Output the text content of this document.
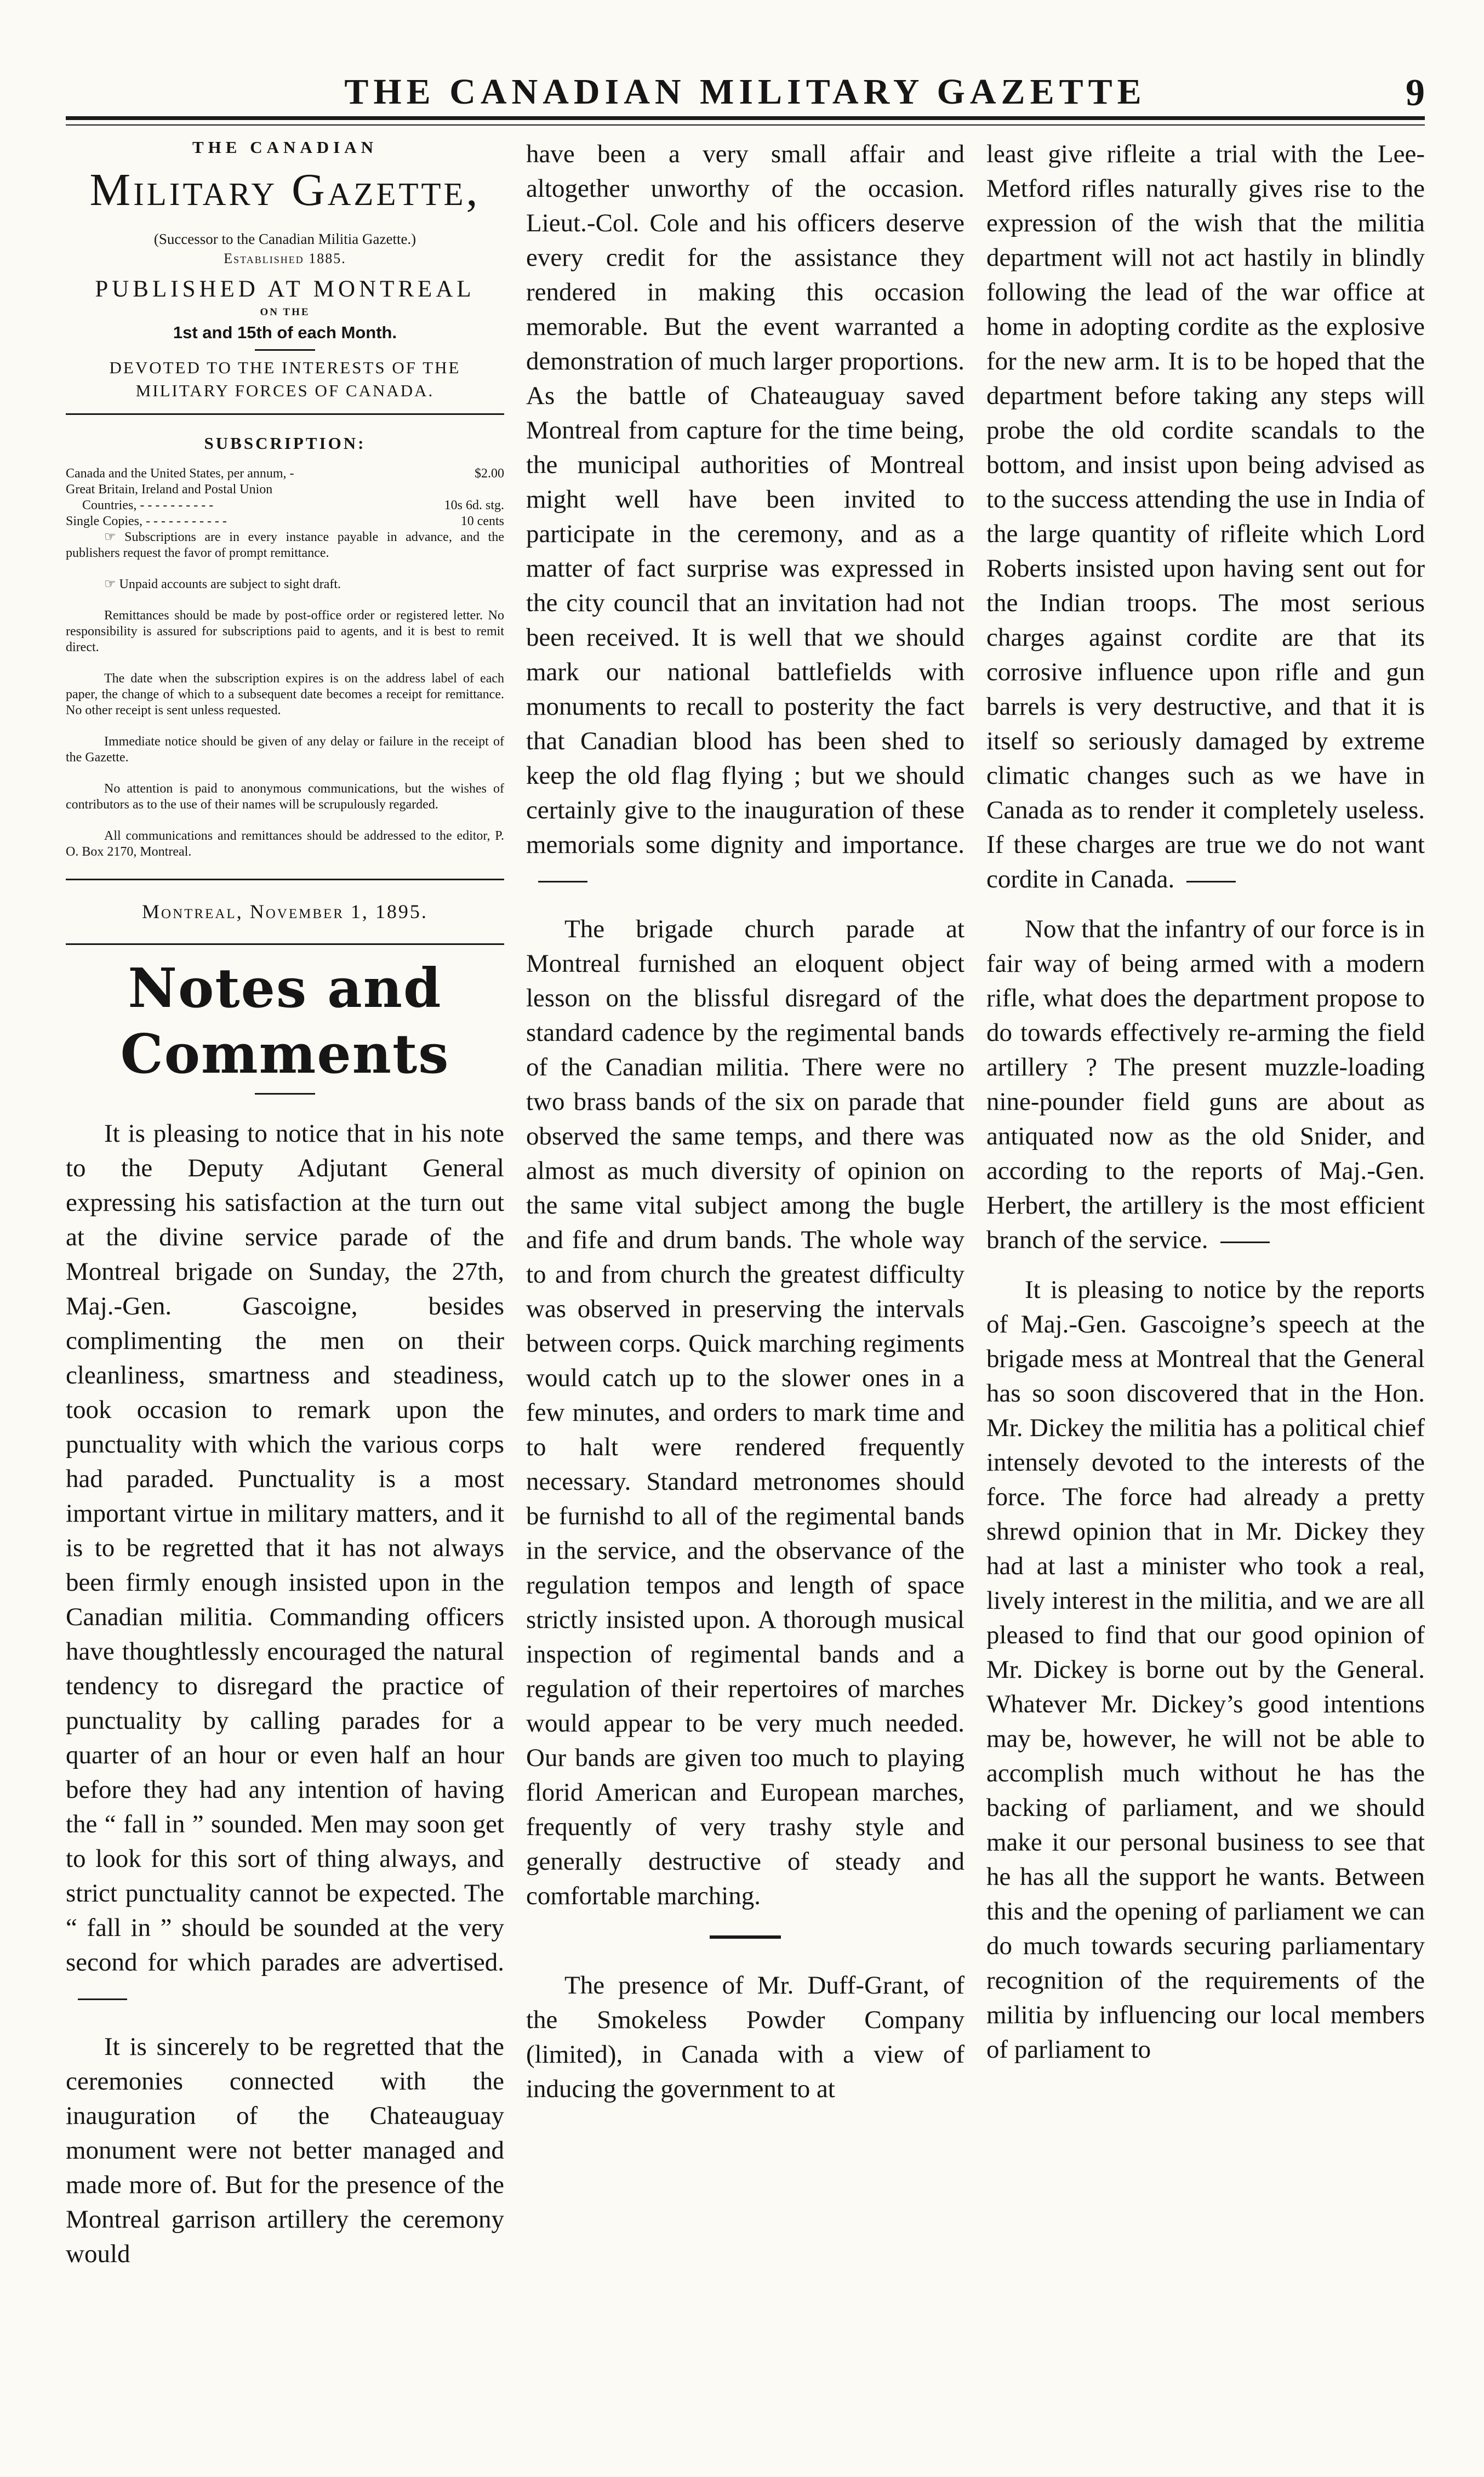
THE CANADIAN MILITARY GAZETTE	9
THE CANADIAN
Military Gazette,
(Successor to the Canadian Militia Gazette.)
Established 1885.
PUBLISHED AT MONTREAL
ON THE
1st and 15th of each Month.
DEVOTED TO THE INTERESTS OF THE MILITARY FORCES OF CANADA.
SUBSCRIPTION:
Canada and the United States, per annum, -	$2.00
Great Britain, Ireland and Postal Union
Countries, - - - - - - - - - -	10s 6d. stg.
Single Copies, - - - - - - - - - - -	10 cents

☞ Subscriptions are in every instance payable in advance, and the publishers request the favor of prompt remittance.

☞ Unpaid accounts are subject to sight draft.

Remittances should be made by post-office order or registered letter. No responsibility is assured for subscriptions paid to agents, and it is best to remit direct.

The date when the subscription expires is on the address label of each paper, the change of which to a subsequent date becomes a receipt for remittance. No other receipt is sent unless requested.

Immediate notice should be given of any delay or failure in the receipt of the Gazette.

No attention is paid to anonymous communications, but the wishes of contributors as to the use of their names will be scrupulously regarded.

All communications and remittances should be addressed to the editor, P. O. Box 2170, Montreal.

Montreal, November 1, 1895.
Notes and Comments

It is pleasing to notice that in his note to the Deputy Adjutant General expressing his satisfaction at the turn out at the divine service parade of the Montreal brigade on Sunday, the 27th, Maj.-Gen. Gascoigne, besides complimenting the men on their cleanliness, smartness and steadiness, took occasion to remark upon the punctuality with which the various corps had paraded. Punctuality is a most important virtue in military matters, and it is to be regretted that it has not always been firmly enough insisted upon in the Canadian militia. Commanding officers have thoughtlessly encouraged the natural tendency to disregard the practice of punctuality by calling parades for a quarter of an hour or even half an hour before they had any intention of having the “ fall in ” sounded. Men may soon get to look for this sort of thing always, and strict punctuality cannot be expected. The “ fall in ” should be sounded at the very second for which parades are advertised.

It is sincerely to be regretted that the ceremonies connected with the inauguration of the Chateauguay monument were not better managed and made more of. But for the presence of the Montreal garrison artillery the ceremony would

have been a very small affair and altogether unworthy of the occasion. Lieut.-Col. Cole and his officers deserve every credit for the assistance they rendered in making this occasion memorable. But the event warranted a demonstration of much larger proportions. As the battle of Chateauguay saved Montreal from capture for the time being, the municipal authorities of Montreal might well have been invited to participate in the ceremony, and as a matter of fact surprise was expressed in the city council that an invitation had not been received. It is well that we should mark our national battlefields with monuments to recall to posterity the fact that Canadian blood has been shed to keep the old flag flying ; but we should certainly give to the inauguration of these memorials some dignity and importance.

The brigade church parade at Montreal furnished an eloquent object lesson on the blissful disregard of the standard cadence by the regimental bands of the Canadian militia. There were no two brass bands of the six on parade that observed the same temps, and there was almost as much diversity of opinion on the same vital subject among the bugle and fife and drum bands. The whole way to and from church the greatest difficulty was observed in preserving the intervals between corps. Quick marching regiments would catch up to the slower ones in a few minutes, and orders to mark time and to halt were rendered frequently necessary. Standard metronomes should be furnishd to all of the regimental bands in the service, and the observance of the regulation tempos and length of space strictly insisted upon. A thorough musical inspection of regimental bands and a regulation of their repertoires of marches would appear to be very much needed. Our bands are given too much to playing florid American and European marches, frequently of very trashy style and generally destructive of steady and comfortable marching.

The presence of Mr. Duff-Grant, of the Smokeless Powder Company (limited), in Canada with a view of inducing the government to at

least give rifleite a trial with the Lee-Metford rifles naturally gives rise to the expression of the wish that the militia department will not act hastily in blindly following the lead of the war office at home in adopting cordite as the explosive for the new arm. It is to be hoped that the department before taking any steps will probe the old cordite scandals to the bottom, and insist upon being advised as to the success attending the use in India of the large quantity of rifleite which Lord Roberts insisted upon having sent out for the Indian troops. The most serious charges against cordite are that its corrosive influence upon rifle and gun barrels is very destructive, and that it is itself so seriously damaged by extreme climatic changes such as we have in Canada as to render it completely useless. If these charges are true we do not want cordite in Canada.

Now that the infantry of our force is in fair way of being armed with a modern rifle, what does the department propose to do towards effectively re-arming the field artillery ? The present muzzle-loading nine-pounder field guns are about as antiquated now as the old Snider, and according to the reports of Maj.-Gen. Herbert, the artillery is the most efficient branch of the service.

It is pleasing to notice by the reports of Maj.-Gen. Gascoigne’s speech at the brigade mess at Montreal that the General has so soon discovered that in the Hon. Mr. Dickey the militia has a political chief intensely devoted to the interests of the force. The force had already a pretty shrewd opinion that in Mr. Dickey they had at last a minister who took a real, lively interest in the militia, and we are all pleased to find that our good opinion of Mr. Dickey is borne out by the General. Whatever Mr. Dickey’s good intentions may be, however, he will not be able to accomplish much without he has the backing of parliament, and we should make it our personal business to see that he has all the support he wants. Between this and the opening of parliament we can do much towards securing parliamentary recognition of the requirements of the militia by influencing our local members of parliament to
